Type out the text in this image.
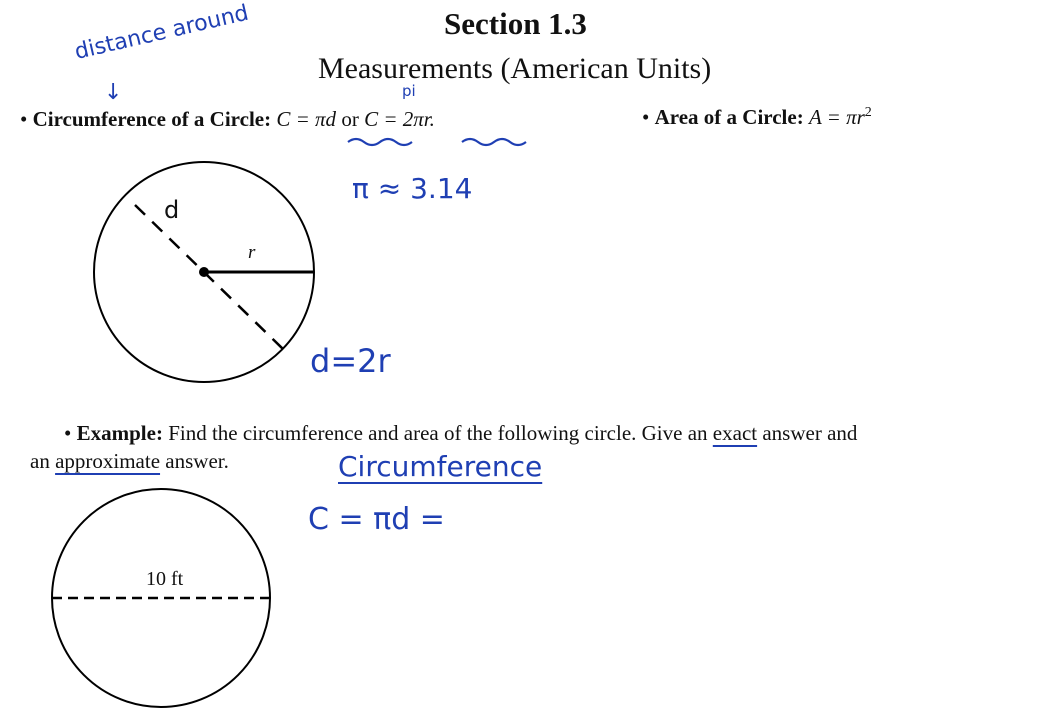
Section 1.3
Measurements (American Units)
distance around
↓	pi
• Circumference of a Circle: C = πd or C = 2πr.	• Area of a Circle: $A = \pi r^2$
π ≈ 3.14
r
d
d=2r
• Example: Find the circumference and area of the following circle. Give an exact answer and
an approximate answer.	Circumference
C = πd =
10 ft
